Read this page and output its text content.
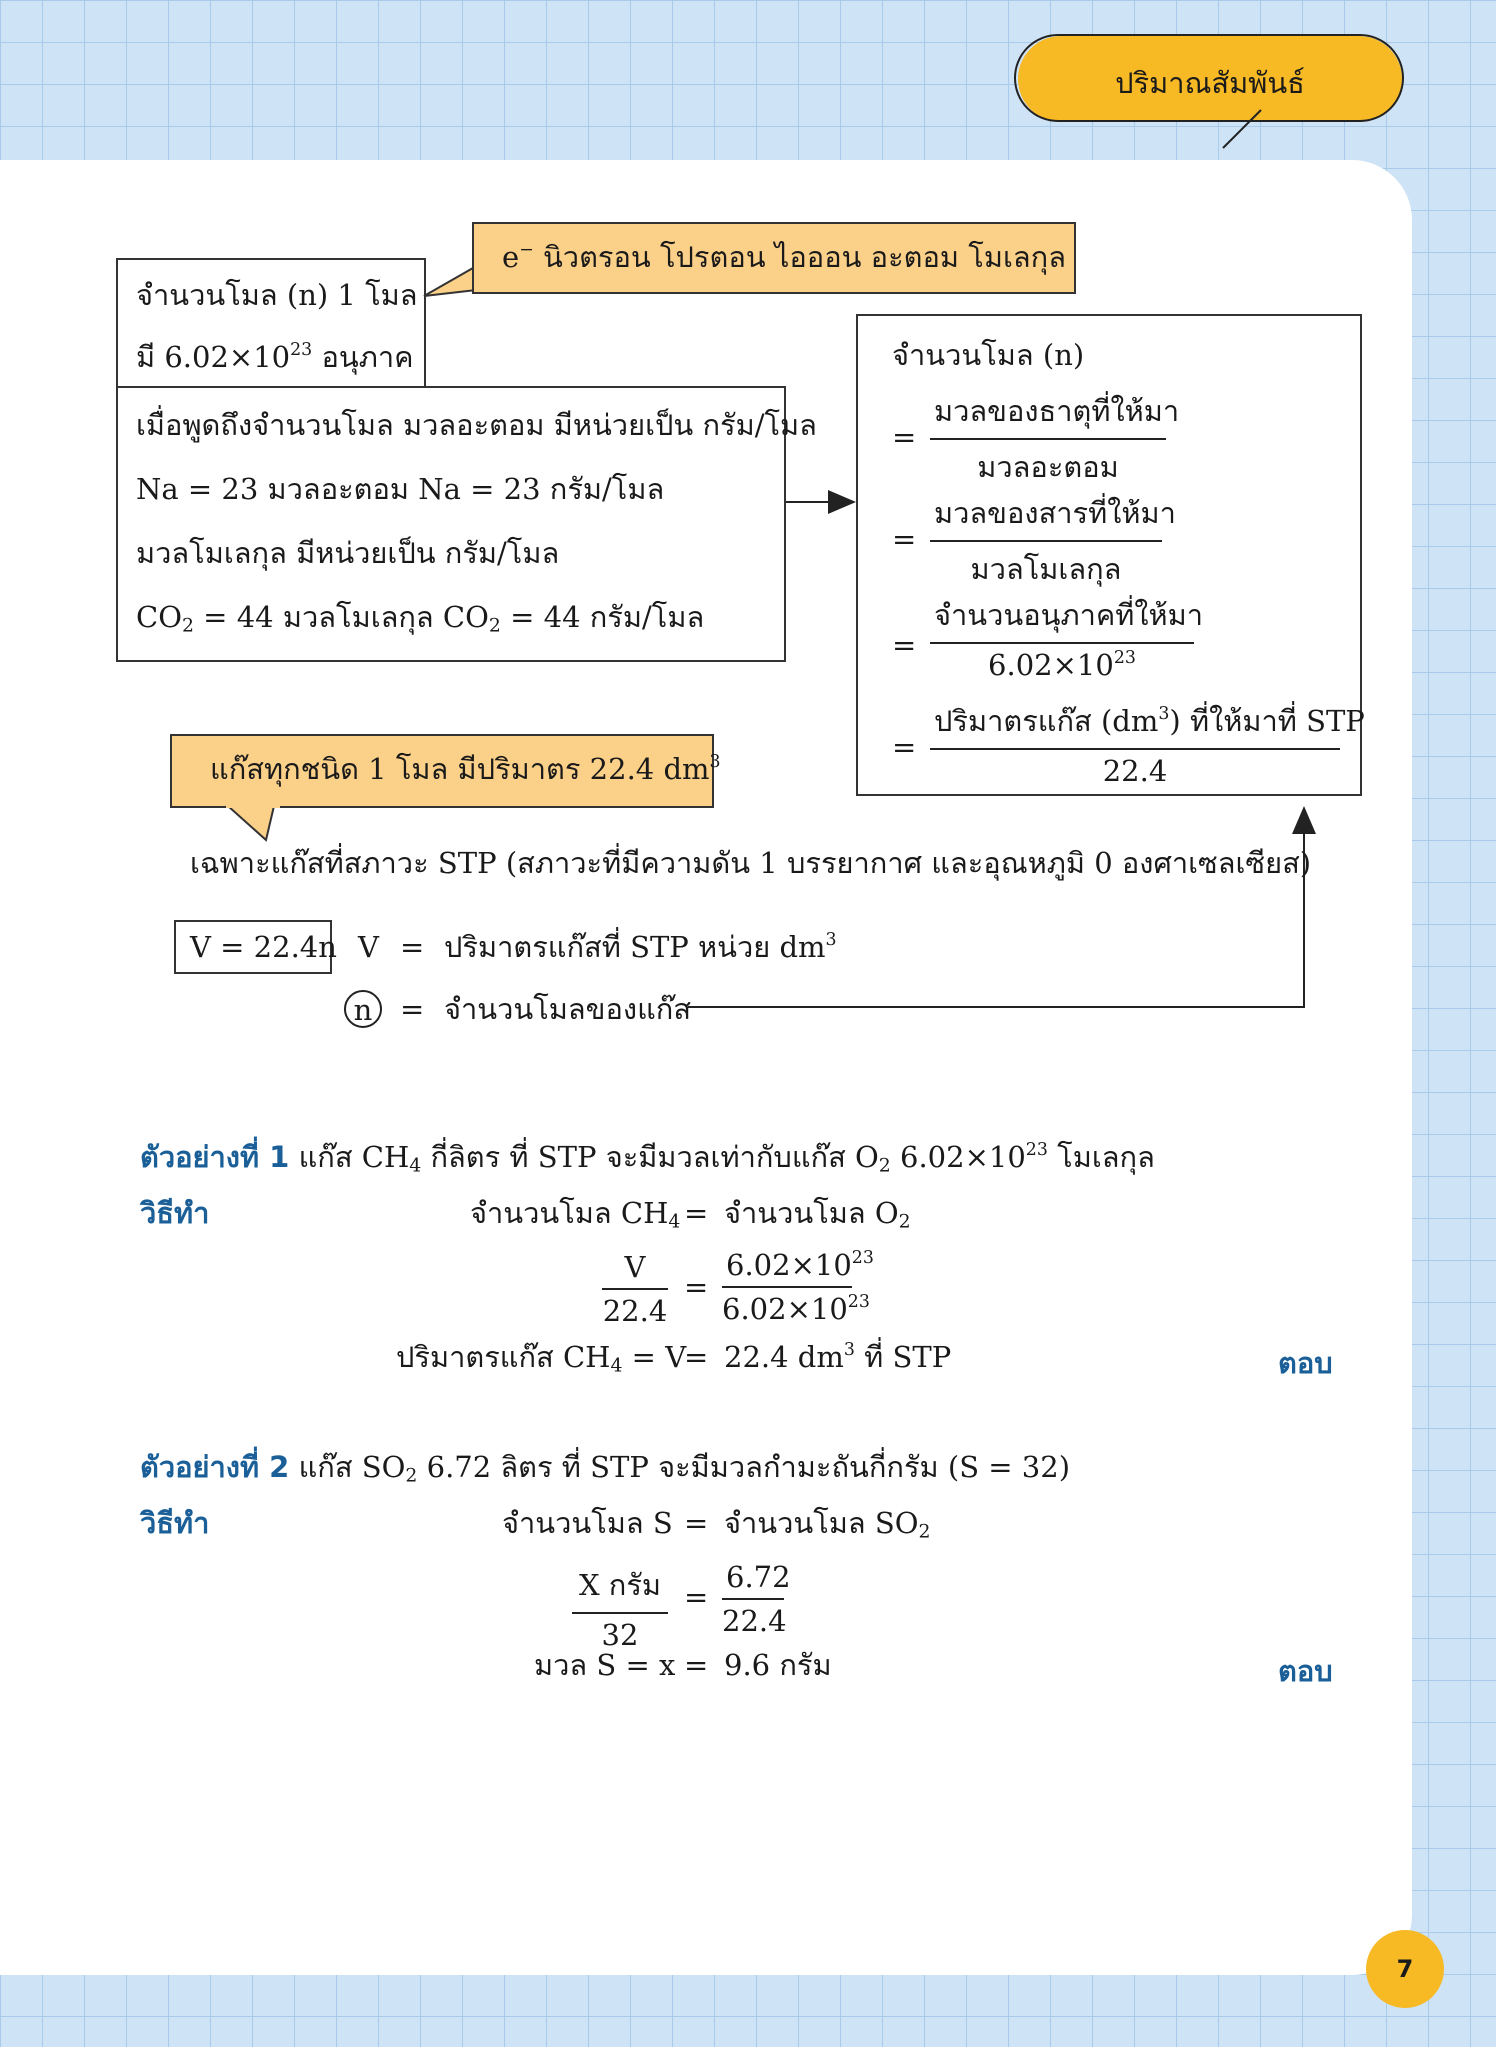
ปริมาณสัมพันธ์
จำนวนโมล (n) 1 โมล
มี $6.02\times 10^{23}$ อนุภาค
e− นิวตรอน โปรตอน ไอออน อะตอม โมเลกุล
เมื่อพูดถึงจำนวนโมล มวลอะตอม มีหน่วยเป็น กรัม/โมล
Na = 23 มวลอะตอม Na = 23 กรัม/โมล
มวลโมเลกุล มีหน่วยเป็น กรัม/โมล
$CO_2 = 44$ มวลโมเลกุล $CO_2 = 44$ กรัม/โมล
จำนวนโมล (n)
=
มวลของธาตุที่ให้มา
มวลอะตอม
=
มวลของสารที่ให้มา
มวลโมเลกุล
=
จำนวนอนุภาคที่ให้มา
$6.02\times 10^{23}$
=
ปริมาตรแก๊ส $(dm^3)$ ที่ให้มาที่ STP
22.4
แก๊สทุกชนิด 1 โมล มีปริมาตร 22.4 $dm^3$
เฉพาะแก๊สที่สภาวะ STP (สภาวะที่มีความดัน 1 บรรยากาศ และอุณหภูมิ 0 องศาเซลเซียส)
V = 22.4n V = ปริมาตรแก๊สที่ STP หน่วย $dm^3$
n = จำนวนโมลของแก๊ส
ตัวอย่างที่ 1 แก๊ส $CH_4$ กี่ลิตร ที่ STP จะมีมวลเท่ากับแก๊ส $O_2$ $6.02\times 10^{23}$ โมเลกุล
วิธีทำ	จำนวนโมล $CH_4$ = จำนวนโมล $O_2$
$\frac{V}{22.4} = \frac{6.02\times 10^{23}}{6.02\times 10^{23}}$
ปริมาตรแก๊ส $CH_4 = V$
= 22.4 $dm^3$ ที่ STP	ตอบ
ตัวอย่างที่ 2 แก๊ส $SO_2$ 6.72 ลิตร ที่ STP จะมีมวลกำมะถันกี่กรัม (S = 32)
วิธีทำ	จำนวนโมล S = จำนวนโมล $SO_2$
X กรัม
32
= $\frac{6.72}{22.4}$
มวล S = x = 9.6 กรัม	ตอบ
7
